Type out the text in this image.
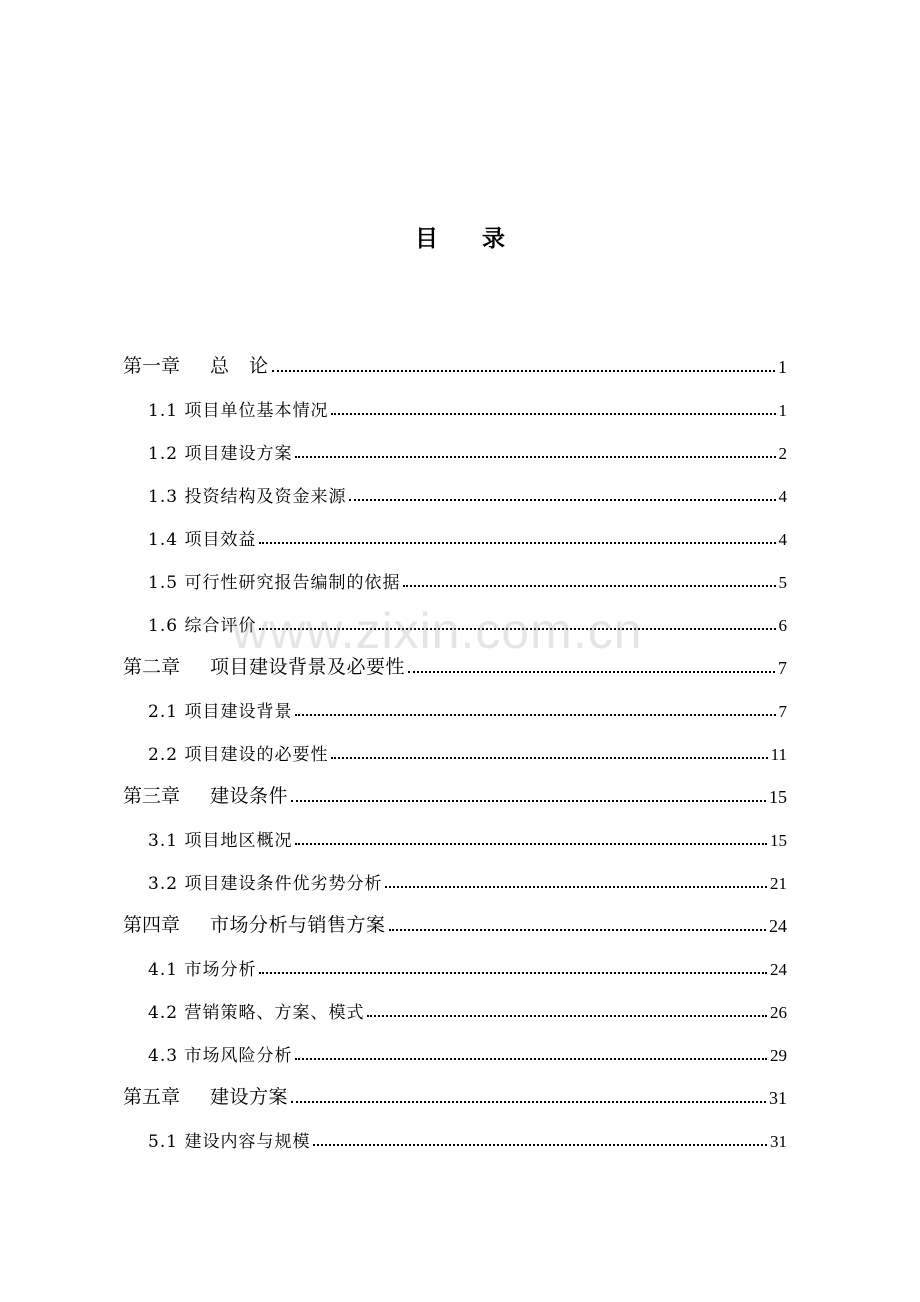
目 录
第一章 总　论	1
1.1 项目单位基本情况	1
1.2 项目建设方案	2
1.3 投资结构及资金来源	4
1.4 项目效益	4
1.5 可行性研究报告编制的依据	5
1.6 综合评价	6
第二章 项目建设背景及必要性	7
2.1 项目建设背景	7
2.2 项目建设的必要性	11
第三章 建设条件	15
3.1 项目地区概况	15
3.2 项目建设条件优劣势分析	21
第四章 市场分析与销售方案	24
4.1 市场分析	24
4.2 营销策略、方案、模式	26
4.3 市场风险分析	29
第五章 建设方案	31
5.1 建设内容与规模	31
www.zixin.com.cn
